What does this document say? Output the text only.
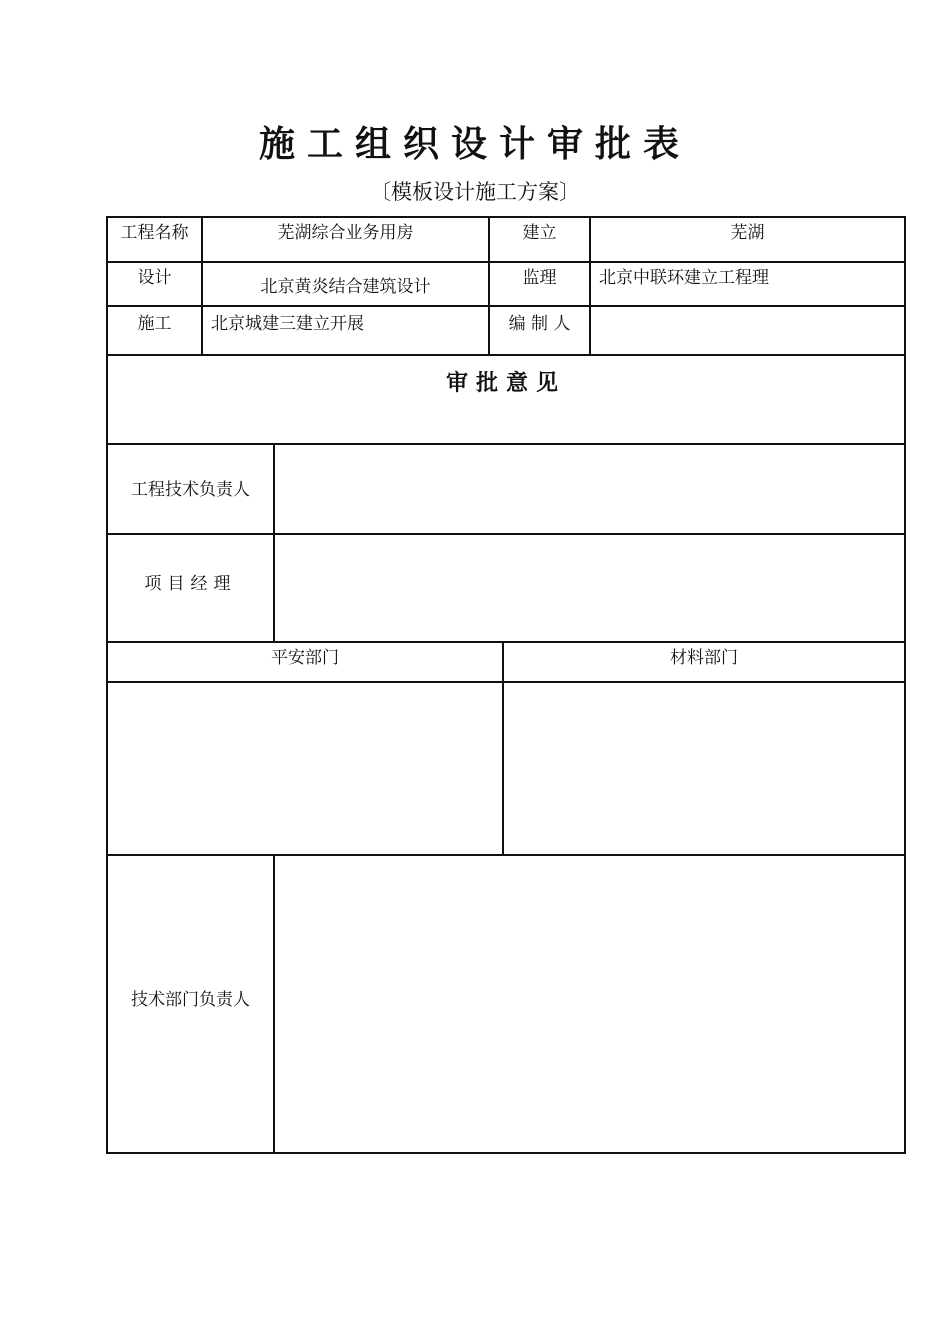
施工组织设计审批表
〔模板设计施工方案〕
工程名称	芜湖综合业务用房	建立	芜湖
设计	北京黄炎结合建筑设计	监理	北京中联环建立工程理
施工	北京城建三建立开展	编 制 人
审批意见
工程技术负责人
项目经理
平安部门	材料部门
技术部门负责人
